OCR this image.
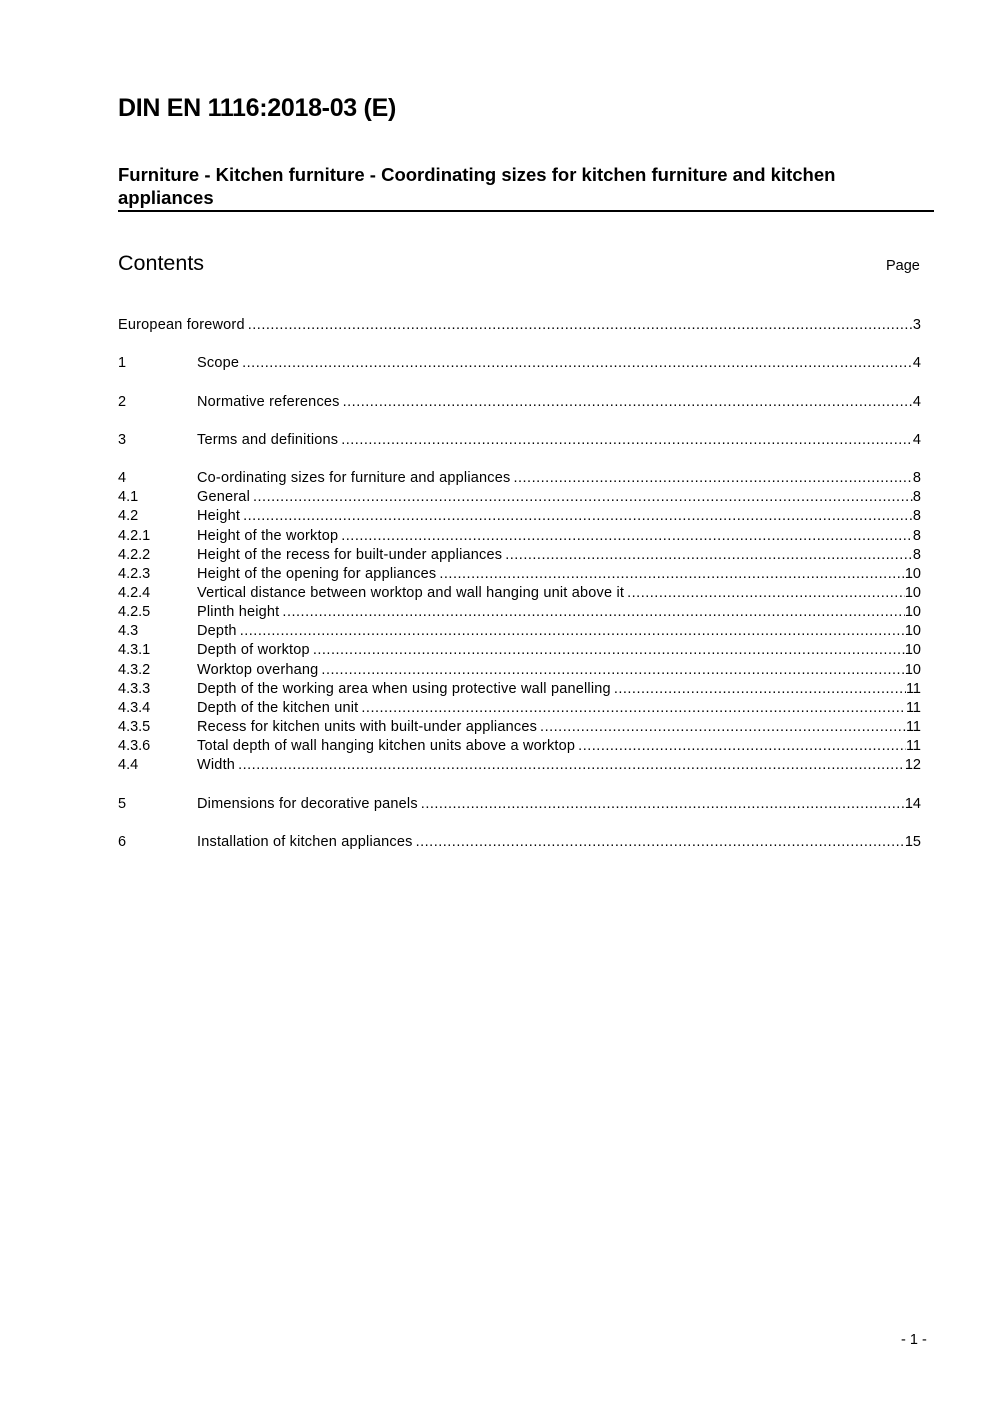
DIN EN 1116:2018-03 (E)
Furniture - Kitchen furniture - Coordinating sizes for kitchen furniture and kitchen appliances
Contents	Page
European foreword .....	3
1	Scope .....	4
2	Normative references .....	4
3	Terms and definitions .....	4
4	Co-ordinating sizes for furniture and appliances .....	8
4.1	General .....	8
4.2	Height .....	8
4.2.1	Height of the worktop .....	8
4.2.2	Height of the recess for built-under appliances .....	8
4.2.3	Height of the opening for appliances .....	10
4.2.4	Vertical distance between worktop and wall hanging unit above it .....	10
4.2.5	Plinth height .....	10
4.3	Depth .....	10
4.3.1	Depth of worktop .....	10
4.3.2	Worktop overhang .....	10
4.3.3	Depth of the working area when using protective wall panelling .....	11
4.3.4	Depth of the kitchen unit .....	11
4.3.5	Recess for kitchen units with built-under appliances .....	11
4.3.6	Total depth of wall hanging kitchen units above a worktop .....	11
4.4	Width .....	12
5	Dimensions for decorative panels .....	14
6	Installation of kitchen appliances .....	15
- 1 -
